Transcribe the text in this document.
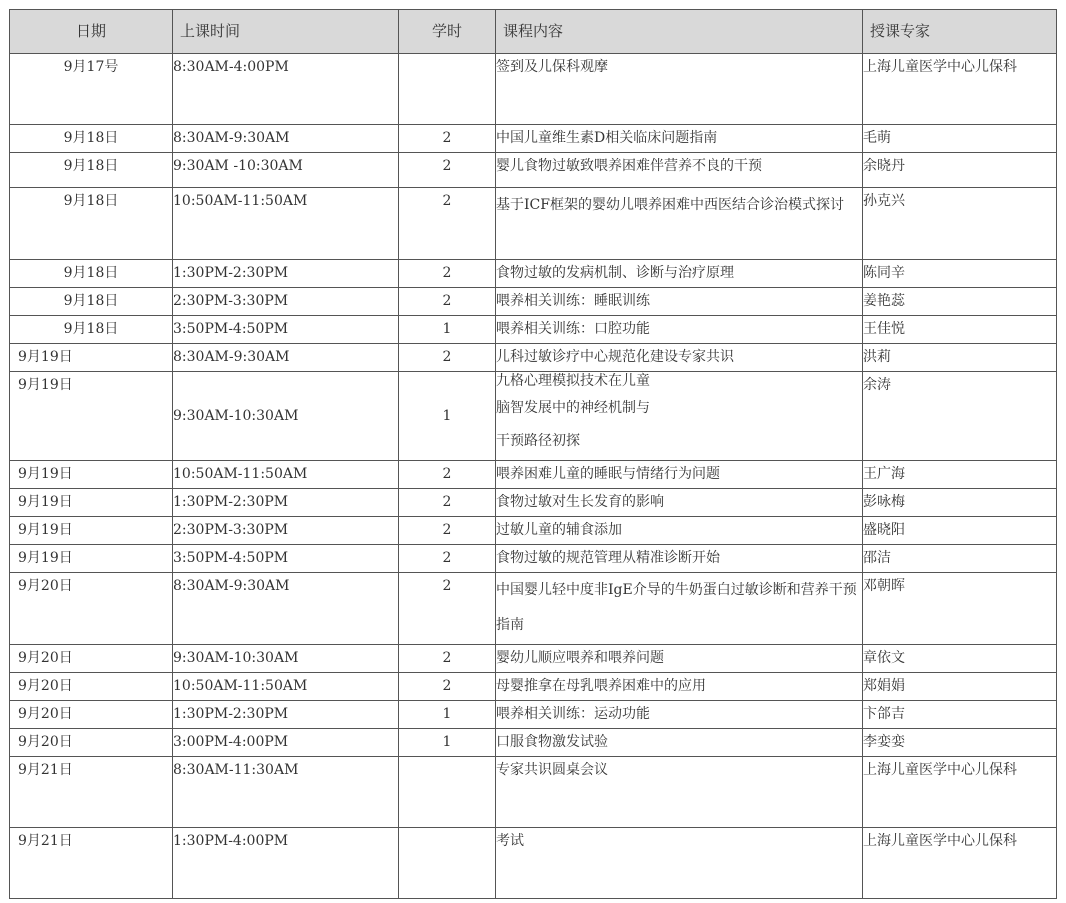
日期	上课时间	学时	课程内容	授课专家
9月17号	8:30AM-4:00PM		签到及儿保科观摩	上海儿童医学中心儿保科
9月18日	8:30AM-9:30AM	2	中国儿童维生素D相关临床问题指南	毛萌
9月18日	9:30AM -10:30AM	2	婴儿食物过敏致喂养困难伴营养不良的干预	余晓丹
9月18日	10:50AM-11:50AM	2	基于ICF框架的婴幼儿喂养困难中西医结合诊治模式探讨	孙克兴
9月18日	1:30PM-2:30PM	2	食物过敏的发病机制、诊断与治疗原理	陈同辛
9月18日	2:30PM-3:30PM	2	喂养相关训练：睡眠训练	姜艳蕊
9月18日	3:50PM-4:50PM	1	喂养相关训练：口腔功能	王佳悦
9月19日	8:30AM-9:30AM	2	儿科过敏诊疗中心规范化建设专家共识	洪莉
9月19日	9:30AM-10:30AM	1	九格心理模拟技术在儿童
脑智发展中的神经机制与
干预路径初探	余涛
9月19日	10:50AM-11:50AM	2	喂养困难儿童的睡眠与情绪行为问题	王广海
9月19日	1:30PM-2:30PM	2	食物过敏对生长发育的影响	彭咏梅
9月19日	2:30PM-3:30PM	2	过敏儿童的辅食添加	盛晓阳
9月19日	3:50PM-4:50PM	2	食物过敏的规范管理从精准诊断开始	邵洁
9月20日	8:30AM-9:30AM	2	中国婴儿轻中度非IgE介导的牛奶蛋白过敏诊断和营养干预指南	邓朝晖
9月20日	9:30AM-10:30AM	2	婴幼儿顺应喂养和喂养问题	章依文
9月20日	10:50AM-11:50AM	2	母婴推拿在母乳喂养困难中的应用	郑娟娟
9月20日	1:30PM-2:30PM	1	喂养相关训练：运动功能	卞郃吉
9月20日	3:00PM-4:00PM	1	口服食物激发试验	李娈娈
9月21日	8:30AM-11:30AM		专家共识圆桌会议	上海儿童医学中心儿保科
9月21日	1:30PM-4:00PM		考试	上海儿童医学中心儿保科
